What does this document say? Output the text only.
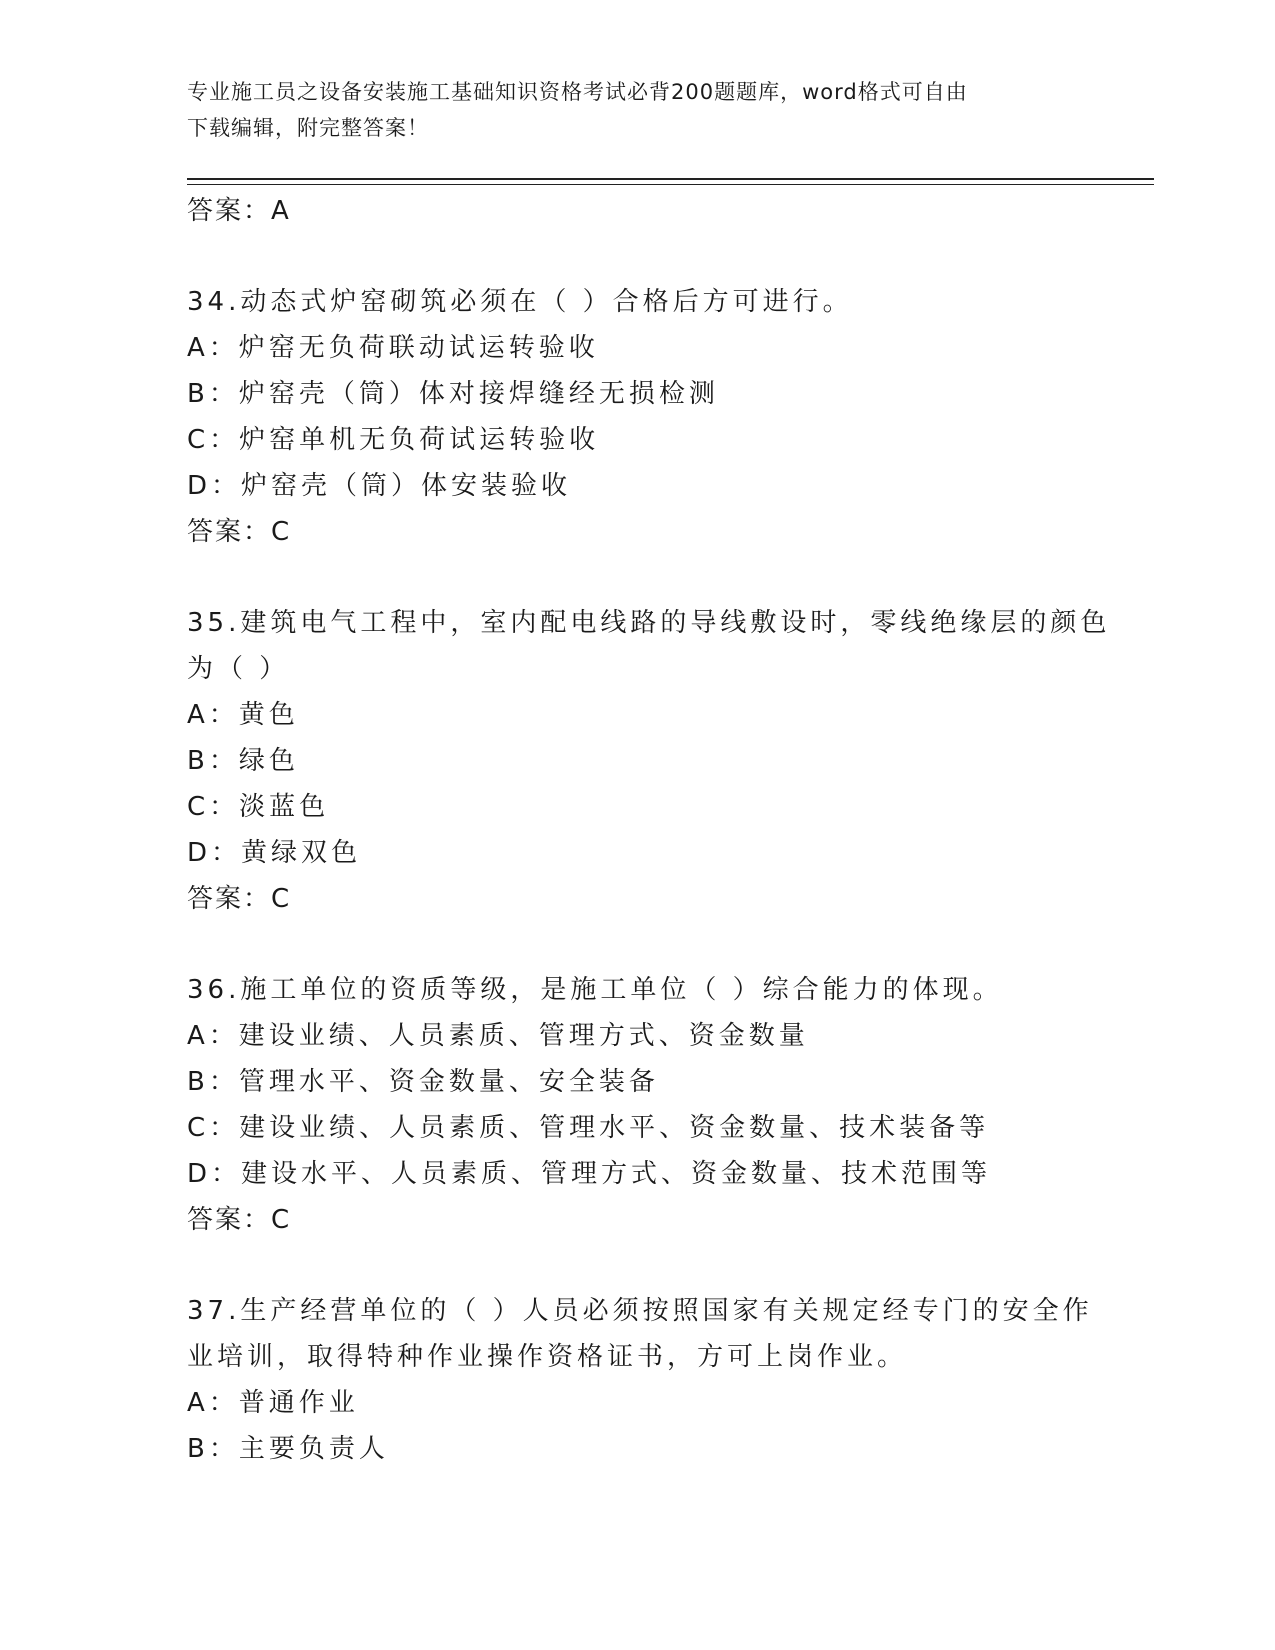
专业施工员之设备安装施工基础知识资格考试必背200题题库，word格式可自由
下载编辑，附完整答案！
答案：A
34.动态式炉窑砌筑必须在（ ）合格后方可进行。
A：炉窑无负荷联动试运转验收
B：炉窑壳（筒）体对接焊缝经无损检测
C：炉窑单机无负荷试运转验收
D：炉窑壳（筒）体安装验收
答案：C
35.建筑电气工程中，室内配电线路的导线敷设时，零线绝缘层的颜色
为（ ）
A：黄色
B：绿色
C：淡蓝色
D：黄绿双色
答案：C
36.施工单位的资质等级，是施工单位（ ）综合能力的体现。
A：建设业绩、人员素质、管理方式、资金数量
B：管理水平、资金数量、安全装备
C：建设业绩、人员素质、管理水平、资金数量、技术装备等
D：建设水平、人员素质、管理方式、资金数量、技术范围等
答案：C
37.生产经营单位的（ ）人员必须按照国家有关规定经专门的安全作
业培训，取得特种作业操作资格证书，方可上岗作业。
A：普通作业
B：主要负责人
